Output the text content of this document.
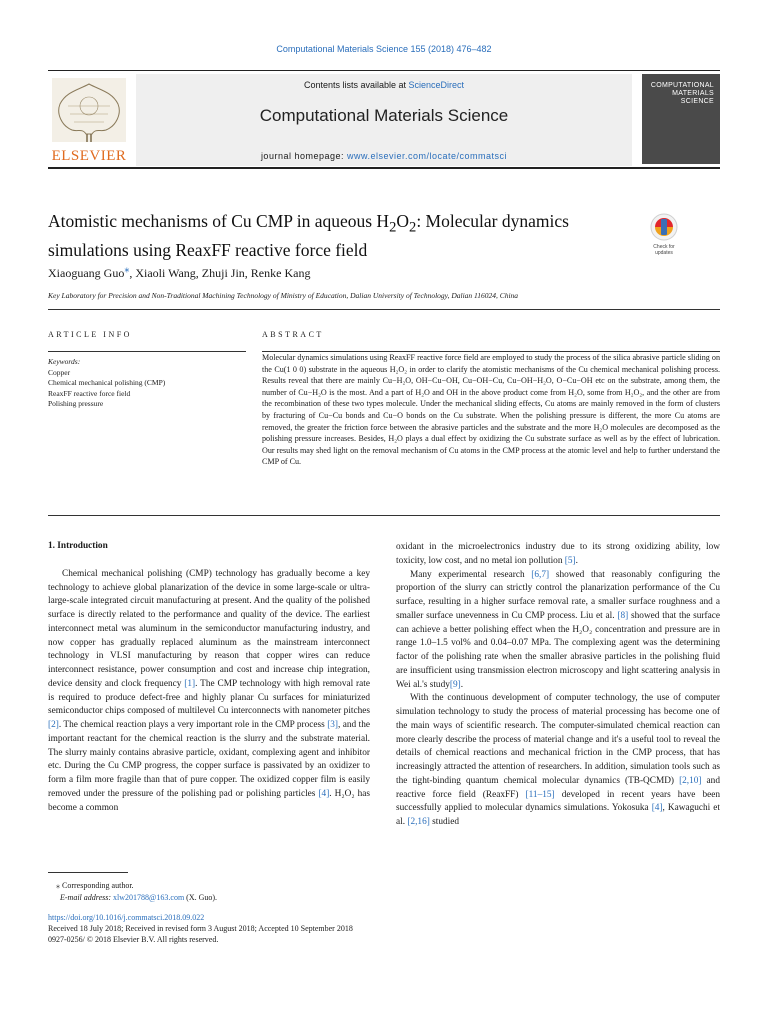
Computational Materials Science 155 (2018) 476–482
ELSEVIER
Contents lists available at ScienceDirect
Computational Materials Science
journal homepage: www.elsevier.com/locate/commatsci
COMPUTATIONAL
MATERIALS
SCIENCE
Atomistic mechanisms of Cu CMP in aqueous $H_2O_2$: Molecular dynamics
simulations using ReaxFF reactive force field	Check for
updates
Xiaoguang Guo⁎, Xiaoli Wang, Zhuji Jin, Renke Kang
Key Laboratory for Precision and Non-Traditional Machining Technology of Ministry of Education, Dalian University of Technology, Dalian 116024, China
ARTICLE INFO	ABSTRACT
Keywords:
Copper
Chemical mechanical polishing (CMP)
ReaxFF reactive force field
Polishing pressure
Molecular dynamics simulations using ReaxFF reactive force field are employed to study the process of the silica abrasive particle sliding on the Cu(1 0 0) substrate in the aqueous H₂O₂ in order to clarify the atomistic mechanisms of the Cu chemical mechanical polishing process. Results reveal that there are mainly Cu−H₂O, OH−Cu−OH, Cu−OH−Cu, Cu−OH−H₂O, O−Cu−OH etc on the substrate, among them, the number of Cu−H₂O is the most. And a part of H₂O and OH in the above product come from H₂O, some from H₂O₂, and the other are from the recombination of these two types molecule. Under the mechanical sliding effects, Cu atoms are mainly removed in the form of clusters by fracturing of Cu−Cu bonds and Cu−O bonds on the Cu substrate. When the polishing pressure is different, the more Cu atoms are removed, the greater the friction force between the abrasive particles and the substrate and the more H₂O molecules are decomposed as the polishing pressure increases. Besides, H₂O plays a dual effect by oxidizing the Cu substrate surface as well as by the effect of lubrication. Our results may shed light on the removal mechanism of Cu atoms in the CMP process at the atomic level and help to further understand the CMP of Cu.
1. Introduction

Chemical mechanical polishing (CMP) technology has gradually become a key technology to achieve global planarization of the device in some large-scale or ultra-large-scale integrated circuit manufacturing at present. And the quality of the polished surface is directly related to the performance and quality of the device. The earliest interconnect metal was aluminum in the semiconductor manufacturing industry, and now copper has gradually replaced aluminum as the mainstream interconnect technology in VLSI manufacturing by reason that copper wires can reduce interconnect resistance, power consumption and cost and increase chip integration, device density and clock frequency [1]. The CMP technology with high removal rate is required to produce defect-free and highly planar Cu surfaces for miniaturized semiconductor chips composed of multilevel Cu interconnects with nanometer pitches [2]. The chemical reaction plays a very important role in the CMP process [3], and the important reactant for the chemical reaction is the slurry and the substrate material. The slurry mainly contains abrasive particle, oxidant, complexing agent and inhibitor etc. During the Cu CMP progress, the copper surface is passivated by an oxidizer to form a film more fragile than that of pure copper. The oxidized copper film is easily removed under the pressure of the polishing pad or polishing particles [4]. H₂O₂ has become a common

oxidant in the microelectronics industry due to its strong oxidizing ability, low toxicity, low cost, and no metal ion pollution [5].

Many experimental research [6,7] showed that reasonably configuring the proportion of the slurry can strictly control the planarization performance of the Cu surface, resulting in a higher surface removal rate, a smaller surface roughness and a smaller surface unevenness in Cu CMP process. Liu et al. [8] showed that the surface can achieve a better polishing effect when the H₂O₂ concentration and pressure are in range 1.0–1.5 vol% and 0.04–0.07 MPa. The complexing agent was the determining factor of the polishing rate when the smaller abrasive particles in the polishing fluid are insufficient using transmission electron microscopy and light scattering analysis in Wei al.'s study[9].

With the continuous development of computer technology, the use of computer simulation technology to study the process of material processing has become one of the main ways of scientific research. The computer-simulated chemical reaction can more clearly describe the process of material change and it's a useful tool to reveal the details of chemical reactions and mechanical friction in the CMP process, that has increasingly attracted the attention of researchers. In addition, simulation tools such as the tight-binding quantum chemical molecular dynamics (TB-QCMD) [2,10] and reactive force field (ReaxFF) [11–15] developed in recent years have been successfully applied to molecular dynamics simulations. Yokosuka [4], Kawaguchi et al. [2,16] studied

⁎ Corresponding author.
E-mail address: xlw201788@163.com (X. Guo).
https://doi.org/10.1016/j.commatsci.2018.09.022
Received 18 July 2018; Received in revised form 3 August 2018; Accepted 10 September 2018
0927-0256/ © 2018 Elsevier B.V. All rights reserved.
